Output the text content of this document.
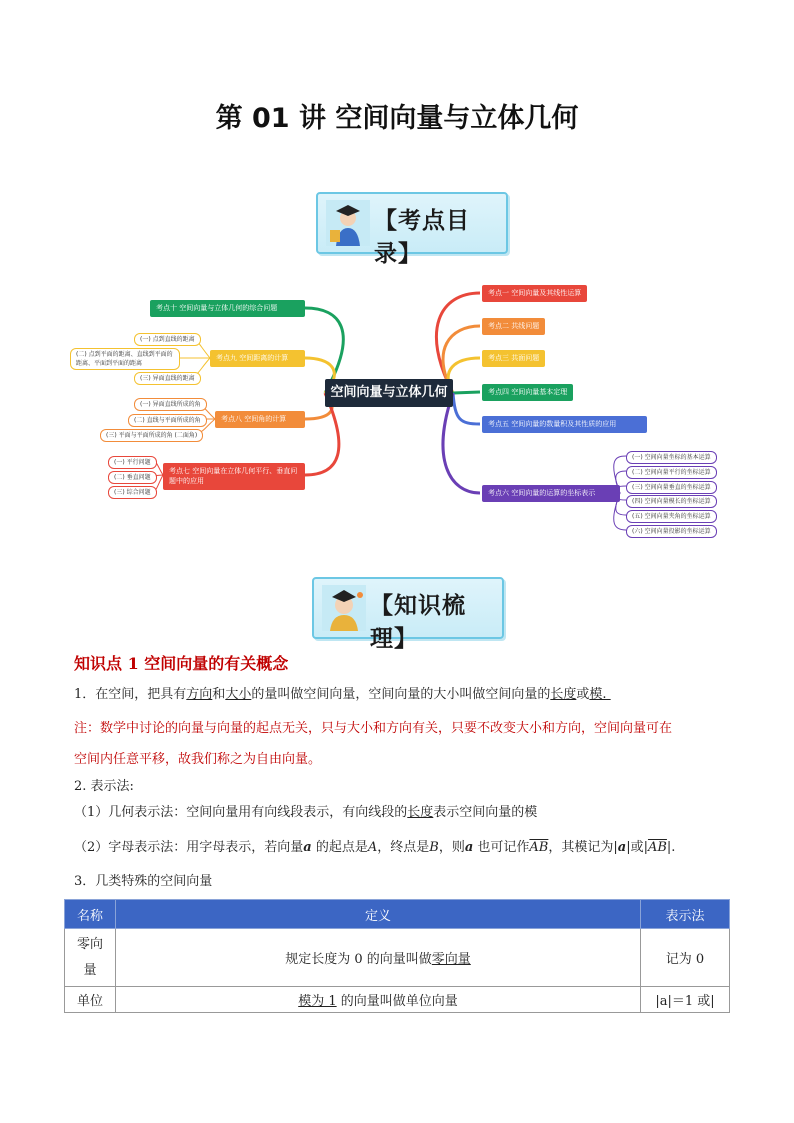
第 01 讲 空间向量与立体几何
【考点目录】
空间向量与立体几何
考点一 空间向量及其线性运算
考点二 共线问题
考点三 共面问题
考点四 空间向量基本定理
考点五 空间向量的数量积及其性质的应用
考点六 空间向量的运算的坐标表示
(一) 空间向量坐标的基本运算
(二) 空间向量平行的坐标运算
(三) 空间向量垂直的坐标运算
(四) 空间向量模长的坐标运算
(五) 空间向量夹角的坐标运算
(六) 空间向量投影的坐标运算
考点十 空间向量与立体几何的综合问题
考点九 空间距离的计算
考点八 空间角的计算
考点七 空间向量在立体几何平行、垂直问题中的应用
(一) 点到直线的距离
(二) 点到平面的距离、直线到平面的距离、平面到平面的距离
(三) 异面直线的距离
(一) 异面直线所成的角
(二) 直线与平面所成的角
(三) 平面与平面所成的角 (二面角)
(一) 平行问题
(二) 垂直问题
(三) 综合问题
【知识梳理】
知识点 1 空间向量的有关概念
1．在空间，把具有方向和大小的量叫做空间向量，空间向量的大小叫做空间向量的长度或模.
注：数学中讨论的向量与向量的起点无关，只与大小和方向有关，只要不改变大小和方向，空间向量可在
空间内任意平移，故我们称之为自由向量。
2. 表示法:
（1）几何表示法：空间向量用有向线段表示，有向线段的长度表示空间向量的模
（2）字母表示法：用字母表示，若向量a 的起点是A，终点是B，则a 也可记作$\overline{AB}$，其模记为|a|或$|\overline{AB}|$.
3．几类特殊的空间向量
名称	定义	表示法
零向量	规定长度为 0 的向量叫做零向量	记为 0
单位	模为 1 的向量叫做单位向量	|a|＝1 或|
